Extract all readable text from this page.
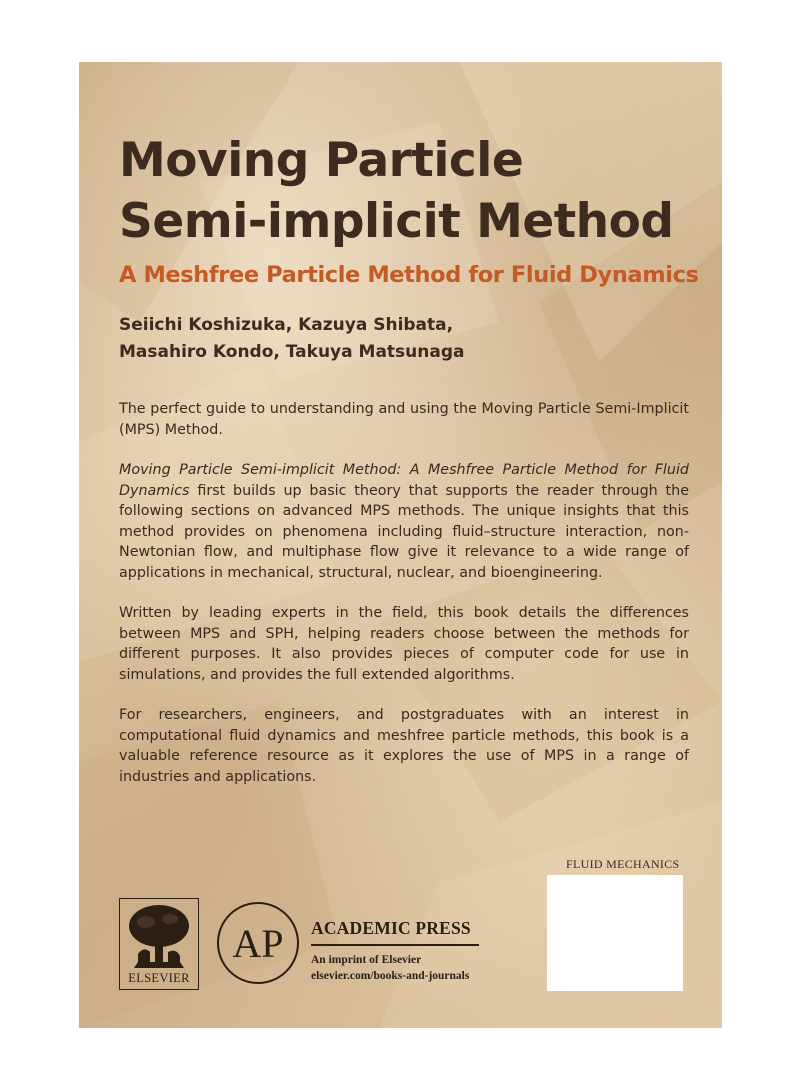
Moving Particle
Semi-implicit Method
A Meshfree Particle Method for Fluid Dynamics
Seiichi Koshizuka, Kazuya Shibata,
Masahiro Kondo, Takuya Matsunaga

The perfect guide to understanding and using the Moving Particle Semi-Implicit (MPS) Method.

Moving Particle Semi-implicit Method: A Meshfree Particle Method for Fluid Dynamics first builds up basic theory that supports the reader through the following sections on advanced MPS methods. The unique insights that this method provides on phenomena including fluid–structure interaction, non-Newtonian flow, and multiphase flow give it relevance to a wide range of applications in mechanical, structural, nuclear, and bioengineering.

Written by leading experts in the field, this book details the differences between MPS and SPH, helping readers choose between the methods for different purposes. It also provides pieces of computer code for use in simulations, and provides the full extended algorithms.

For researchers, engineers, and postgraduates with an interest in computational fluid dynamics and meshfree particle methods, this book is a valuable reference resource as it explores the use of MPS in a range of industries and applications.

FLUID MECHANICS
ELSEVIER
AP ACADEMIC PRESS
An imprint of Elsevier
elsevier.com/books-and-journals
